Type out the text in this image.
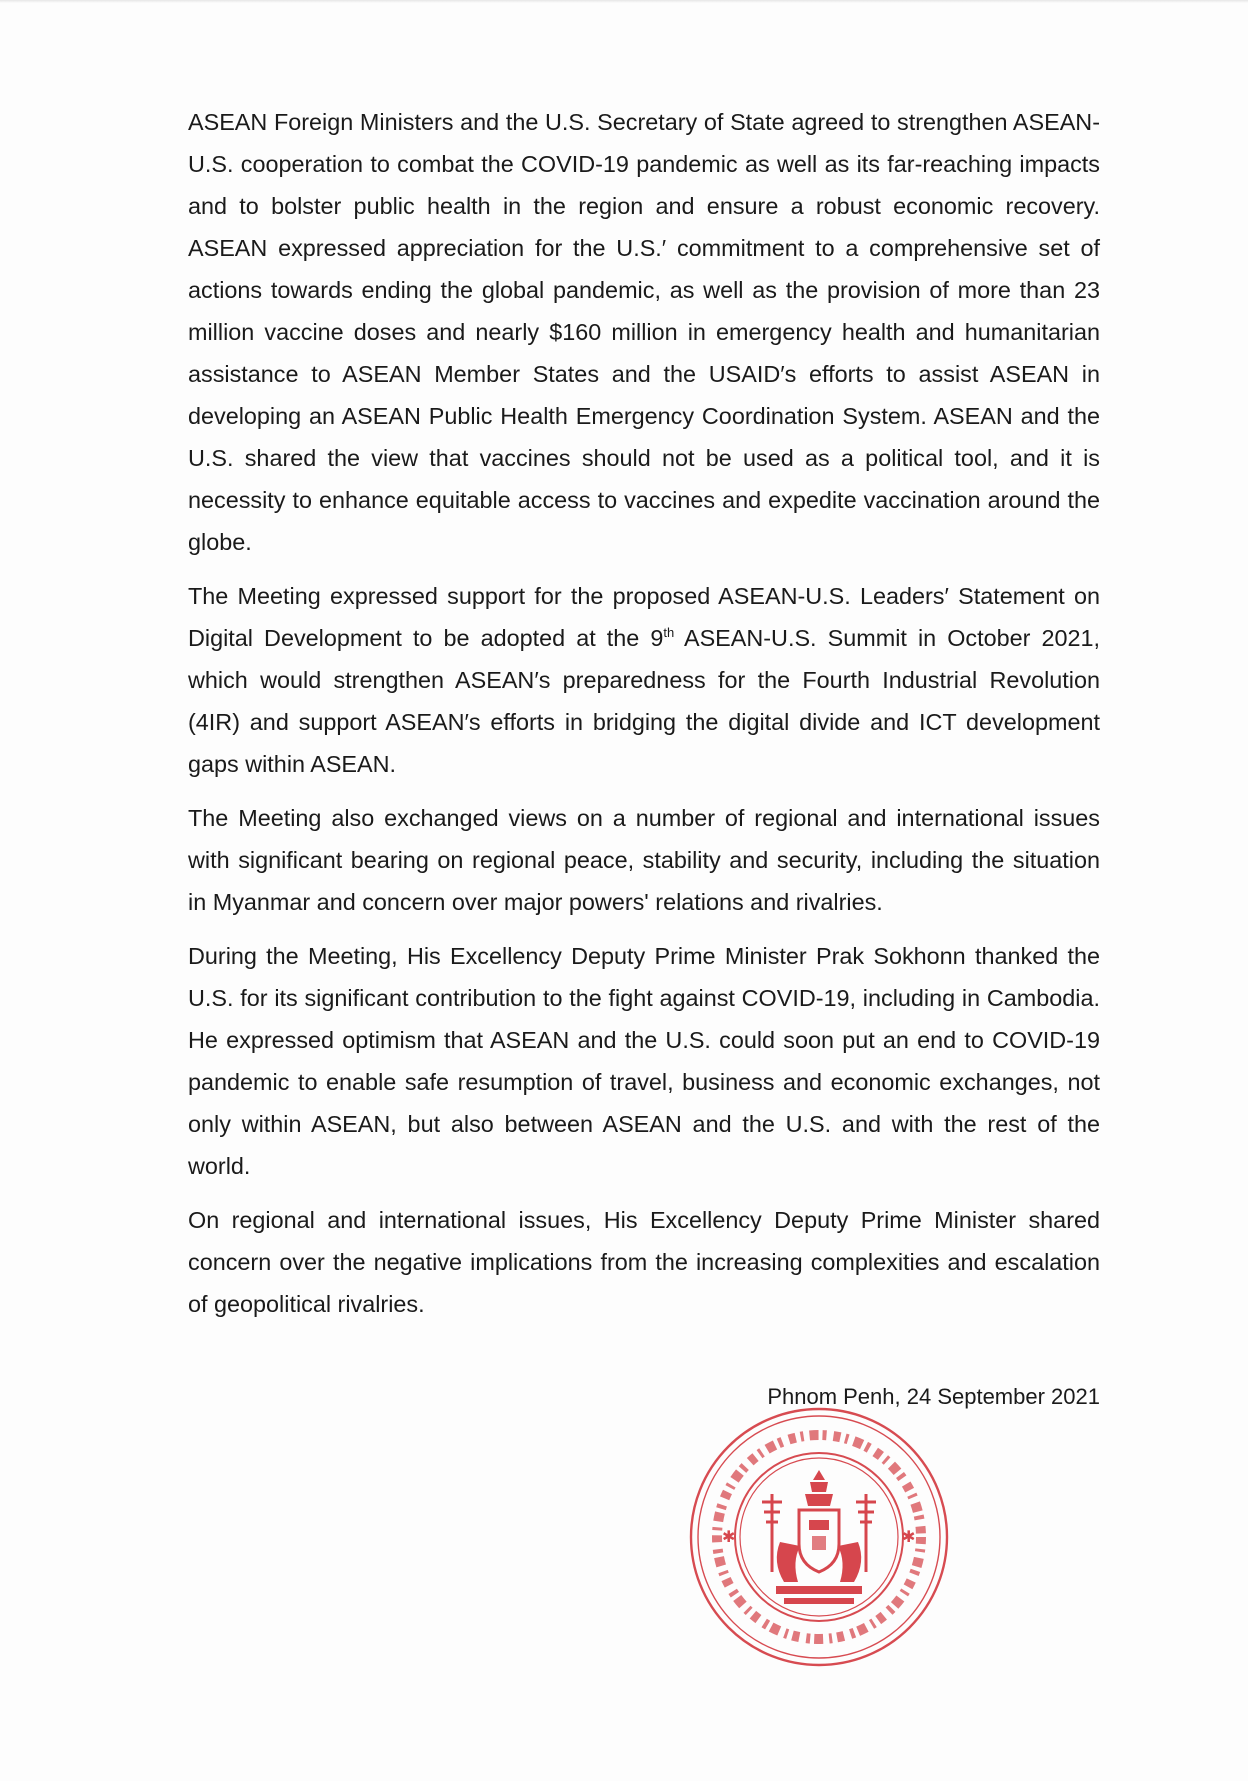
ASEAN Foreign Ministers and the U.S. Secretary of State agreed to strengthen ASEAN-U.S. cooperation to combat the COVID-19 pandemic as well as its far-reaching impacts and to bolster public health in the region and ensure a robust economic recovery. ASEAN expressed appreciation for the U.S.′ commitment to a comprehensive set of actions towards ending the global pandemic, as well as the provision of more than 23 million vaccine doses and nearly $160 million in emergency health and humanitarian assistance to ASEAN Member States and the USAID′s efforts to assist ASEAN in developing an ASEAN Public Health Emergency Coordination System. ASEAN and the U.S. shared the view that vaccines should not be used as a political tool, and it is necessity to enhance equitable access to vaccines and expedite vaccination around the globe.

The Meeting expressed support for the proposed ASEAN-U.S. Leaders′ Statement on Digital Development to be adopted at the 9th ASEAN-U.S. Summit in October 2021, which would strengthen ASEAN′s preparedness for the Fourth Industrial Revolution (4IR) and support ASEAN′s efforts in bridging the digital divide and ICT development gaps within ASEAN.

The Meeting also exchanged views on a number of regional and international issues with significant bearing on regional peace, stability and security, including the situation in Myanmar and concern over major powers' relations and rivalries.

During the Meeting, His Excellency Deputy Prime Minister Prak Sokhonn thanked the U.S. for its significant contribution to the fight against COVID-19, including in Cambodia. He expressed optimism that ASEAN and the U.S. could soon put an end to COVID-19 pandemic to enable safe resumption of travel, business and economic exchanges, not only within ASEAN, but also between ASEAN and the U.S. and with the rest of the world.

On regional and international issues, His Excellency Deputy Prime Minister shared concern over the negative implications from the increasing complexities and escalation of geopolitical rivalries.

Phnom Penh, 24 September 2021
✱	✱
